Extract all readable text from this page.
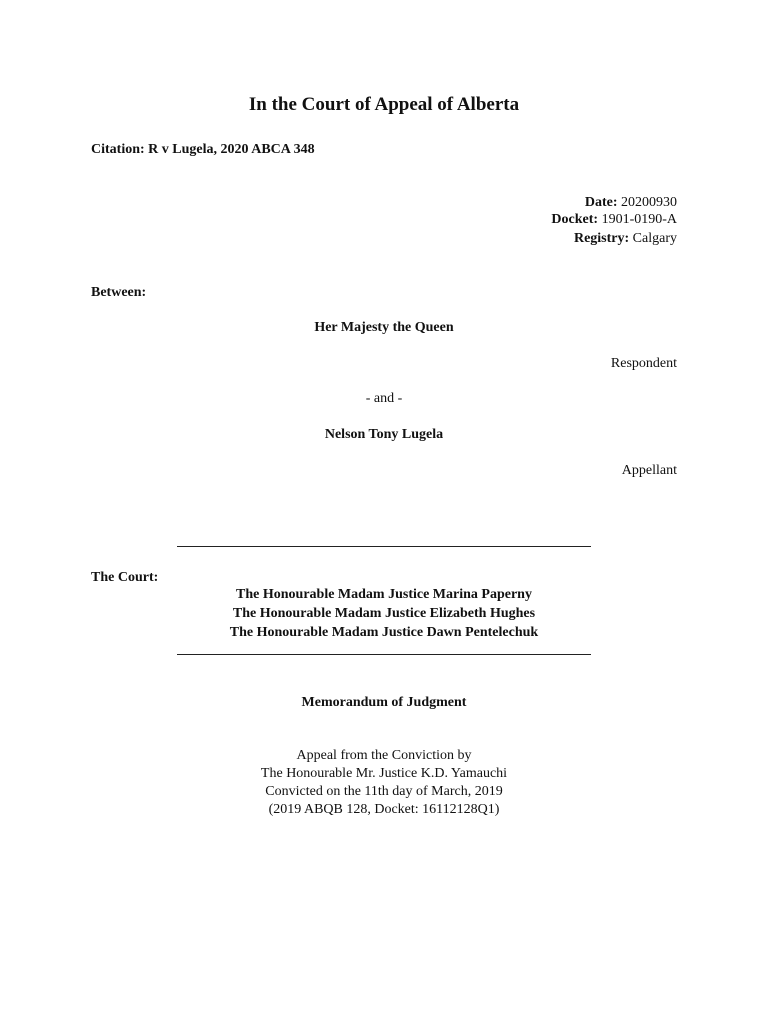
In the Court of Appeal of Alberta
Citation: R v Lugela, 2020 ABCA 348
Date: 20200930
Docket: 1901-0190-A
Registry: Calgary
Between:
Her Majesty the Queen
Respondent
- and -
Nelson Tony Lugela
Appellant
The Court:
The Honourable Madam Justice Marina Paperny
The Honourable Madam Justice Elizabeth Hughes
The Honourable Madam Justice Dawn Pentelechuk
Memorandum of Judgment
Appeal from the Conviction by
The Honourable Mr. Justice K.D. Yamauchi
Convicted on the 11th day of March, 2019
(2019 ABQB 128, Docket: 16112128Q1)
